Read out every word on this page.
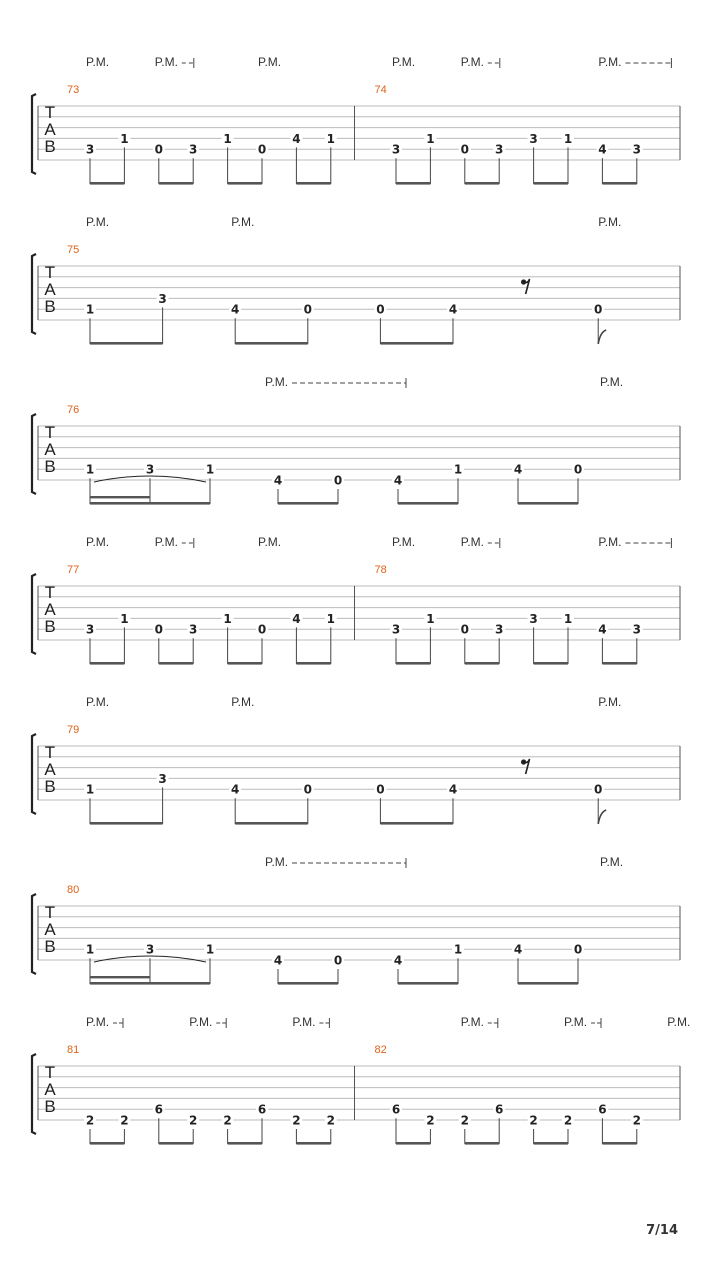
T
A
B
73
3
1
0 3
1
0
4 1
74
3
1
0 3
3 1
4 3
P.M.	P.M.	P.M.	P.M.	P.M.	P.M.
T
A
B
75
1
3
4	0	0	4	0
P.M.	P.M.	P.M.
T
A
B
76
1	3	1
4	0	4
1	4	0
P.M.	P.M.
T
A
B
77
3
1
0 3
1
0
4 1
78
3
1
0 3
3 1
4 3
P.M.	P.M.	P.M.	P.M.	P.M.	P.M.
T
A
B
79
1
3
4	0	0	4	0
P.M.	P.M.	P.M.
T
A
B
80
1	3	1
4	0	4
1	4	0
P.M.	P.M.
T
A
B
81
2 2
6
2 2
6
2 2
82
6
2 2
6
2 2
6
2
P.M.	P.M.	P.M.	P.M.	P.M.	P.M.
7/14
